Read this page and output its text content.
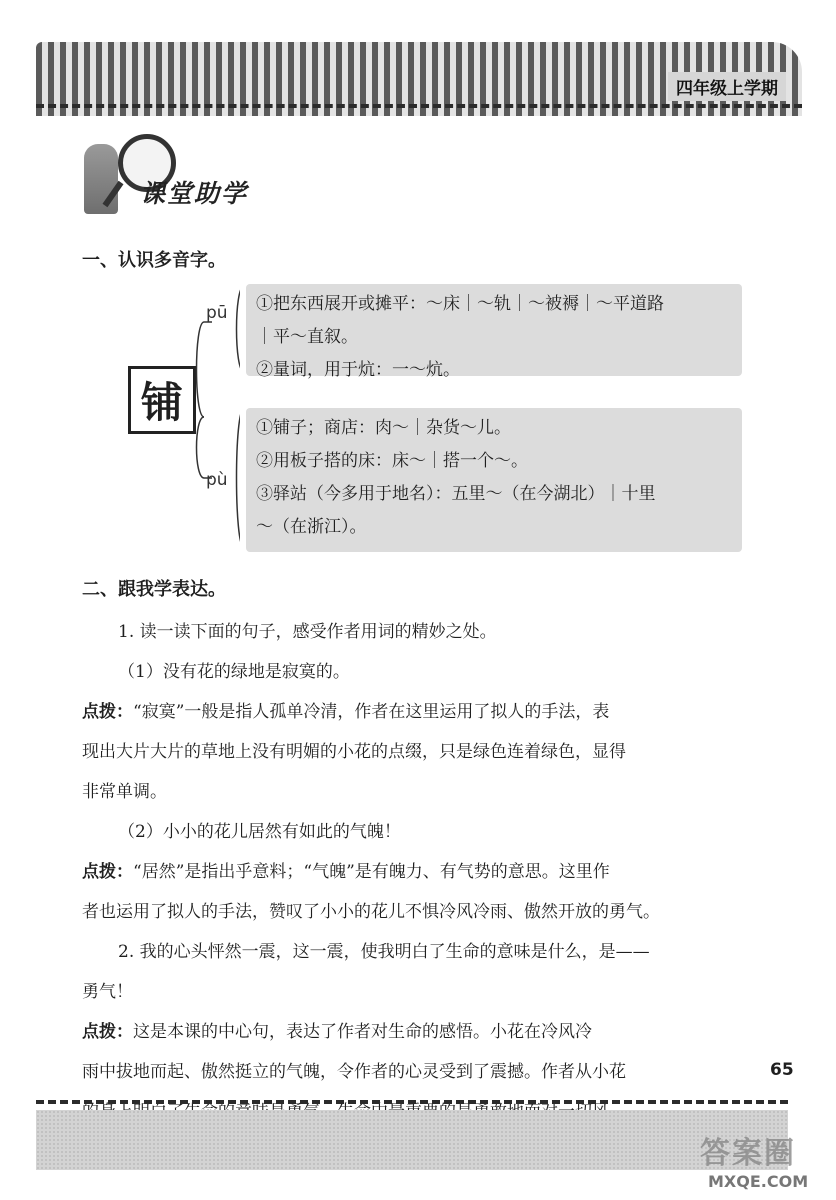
四年级上学期
课堂助学
一、认识多音字。
铺
pū
pù
①把东西展开或摊平：～床｜～轨｜～被褥｜～平道路
｜平～直叙。
②量词，用于炕：一～炕。
①铺子；商店：肉～｜杂货～儿。
②用板子搭的床：床～｜搭一个～。
③驿站（今多用于地名）：五里～（在今湖北）｜十里
～（在浙江）。
二、跟我学表达。
1. 读一读下面的句子，感受作者用词的精妙之处。
（1）没有花的绿地是寂寞的。
点拨：“寂寞”一般是指人孤单冷清，作者在这里运用了拟人的手法，表
现出大片大片的草地上没有明媚的小花的点缀，只是绿色连着绿色，显得
非常单调。
（2）小小的花儿居然有如此的气魄！
点拨：“居然”是指出乎意料；“气魄”是有魄力、有气势的意思。这里作
者也运用了拟人的手法，赞叹了小小的花儿不惧冷风冷雨、傲然开放的勇气。
2. 我的心头怦然一震，这一震，使我明白了生命的意味是什么，是——
勇气！
点拨：这是本课的中心句，表达了作者对生命的感悟。小花在冷风冷
雨中拔地而起、傲然挺立的气魄，令作者的心灵受到了震撼。作者从小花	65
答案圈
MXQE.COM
